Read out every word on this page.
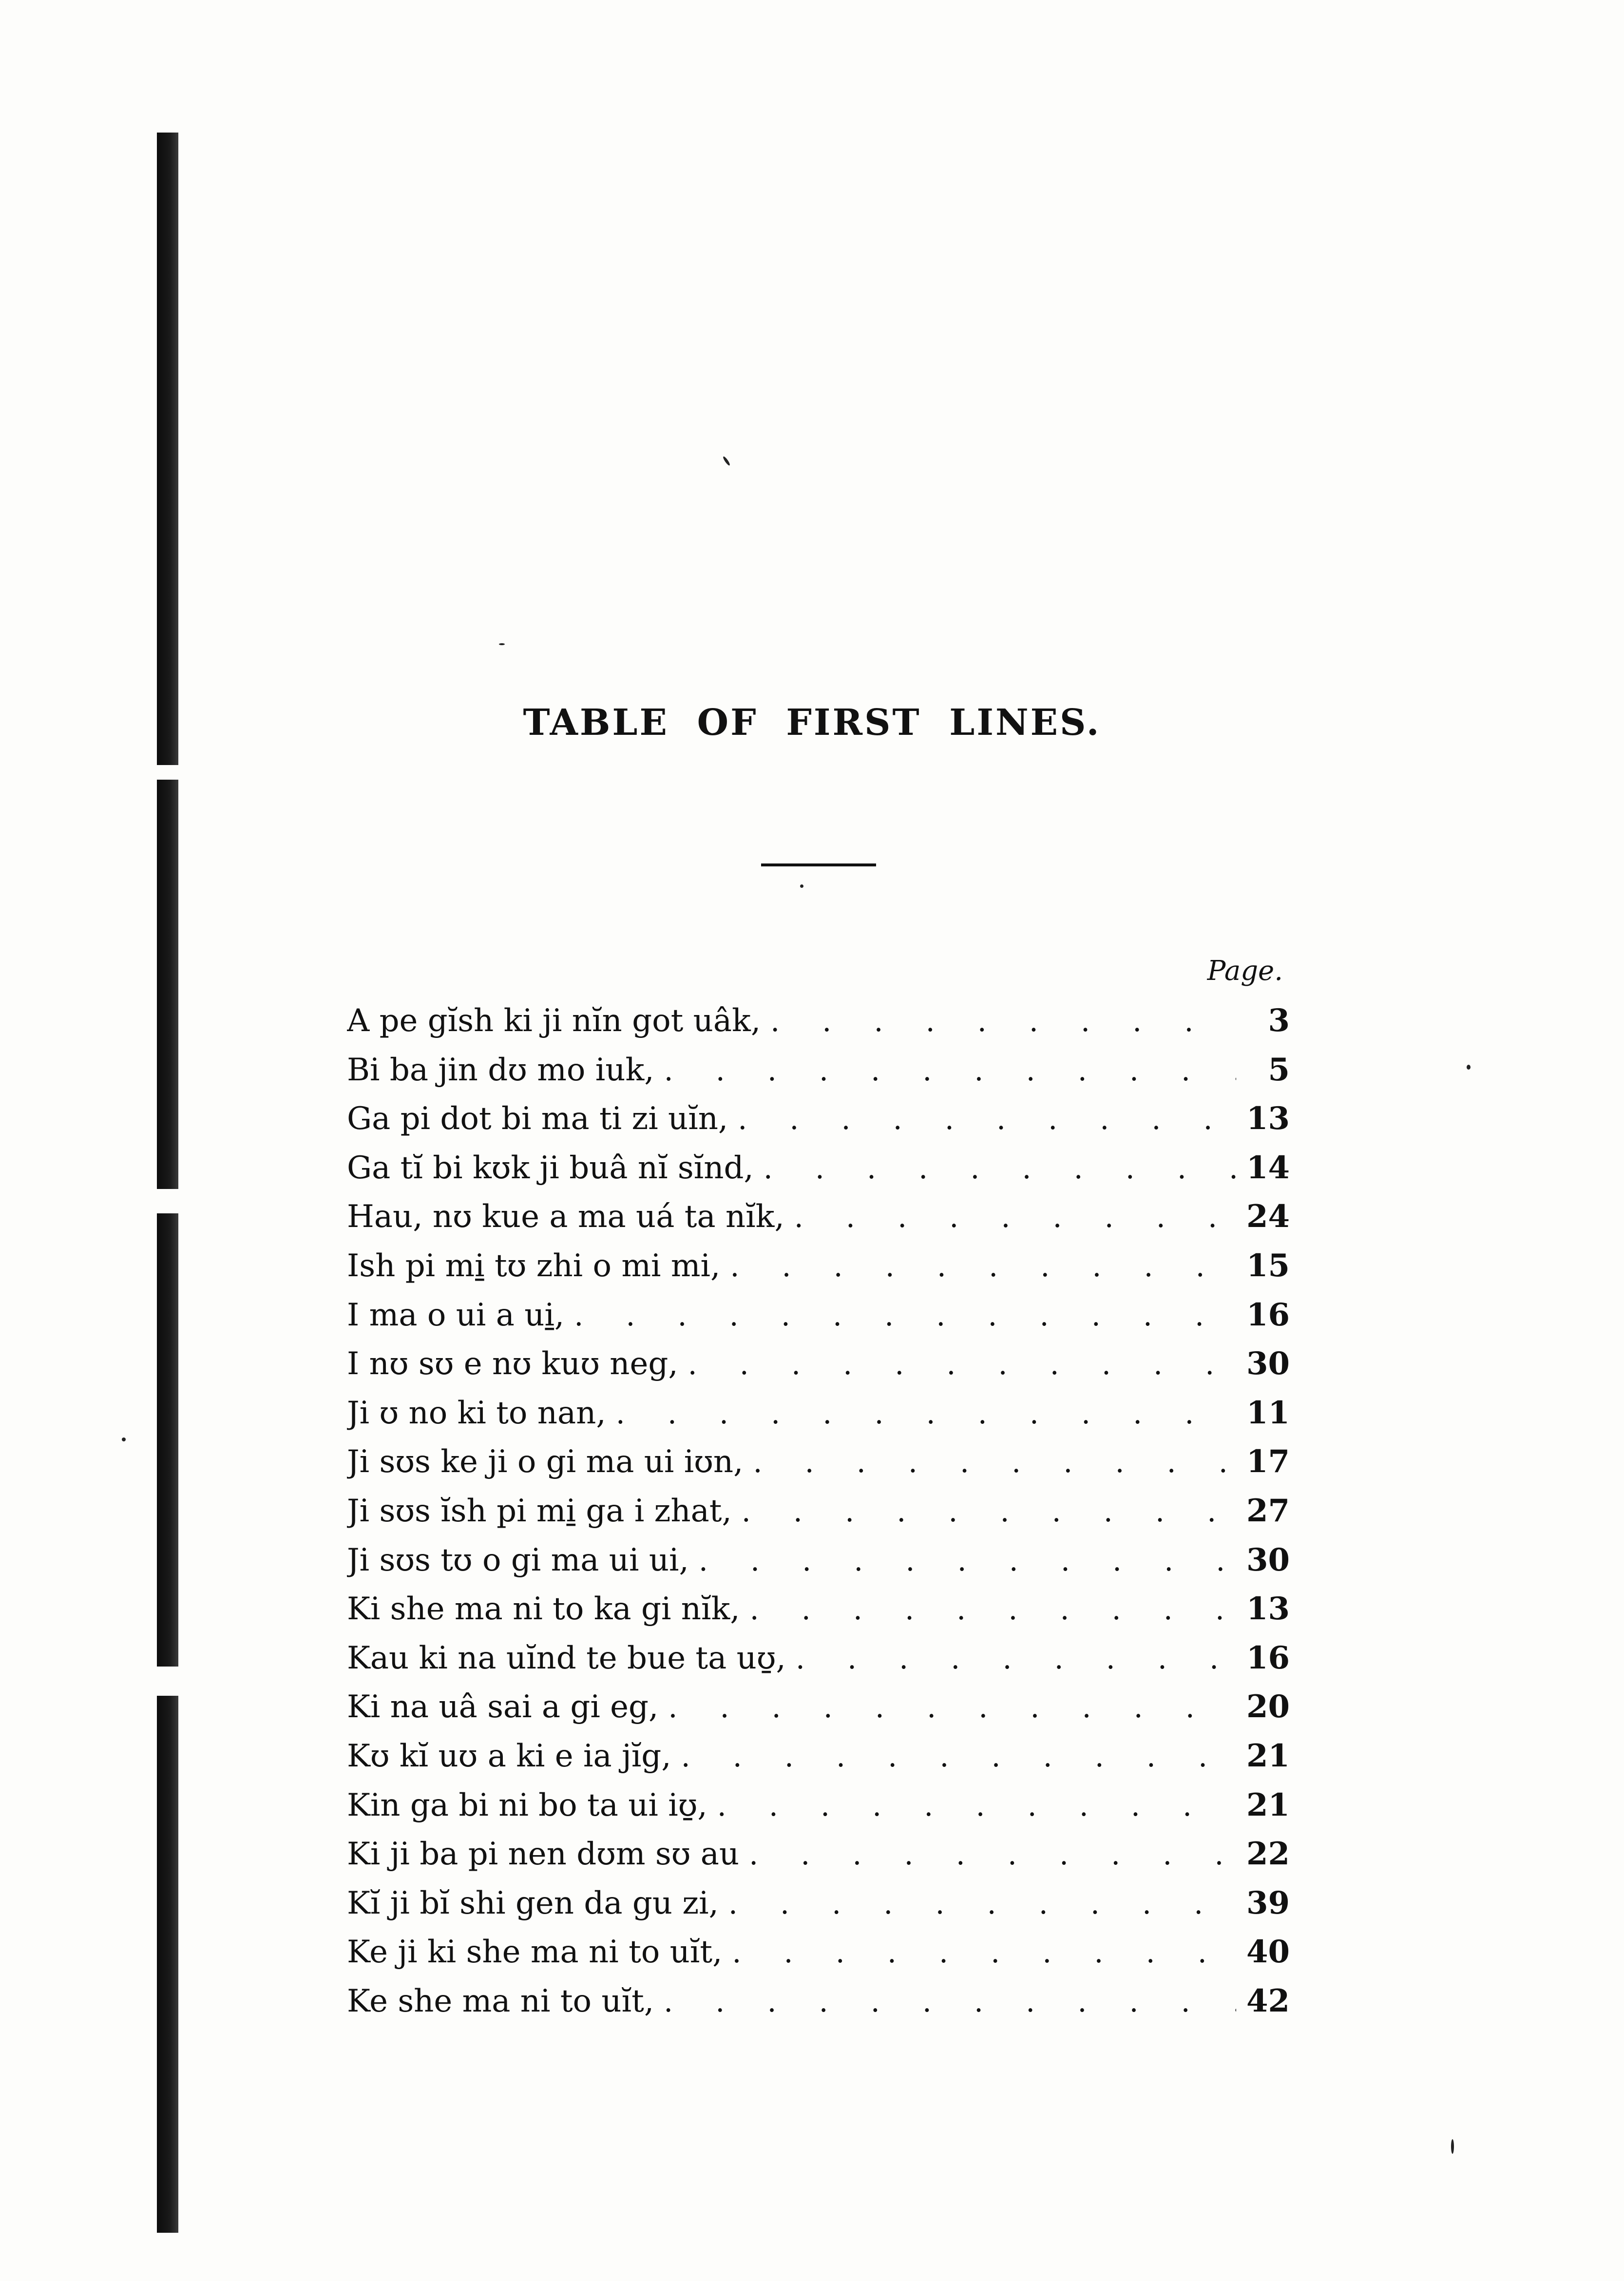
TABLE OF FIRST LINES.
Page.
A pe gĭsh ki ji nĭn got uâk, . . .	3
Bi ba jin dʊ mo iuk, . . .	5
Ga pi dot bi ma ti zi uĭn, . . .	13
Ga tĭ bi kʊk ji buâ nĭ sĭnd, . . .	14
Hau, nʊ kue a ma uá ta nĭk, . . .	24
Ish pi mi̱ tʊ zhi o mi mi, . . .	15
I ma o ui a ui̱, . . .	16
I nʊ sʊ e nʊ kuʊ neg, . . .	30
Ji ʊ no ki to nan, . . .	11
Ji sʊs ke ji o gi ma ui iʊn, . . .	17
Ji sʊs ĭsh pi mi̱ ga i zhat, . . .	27
Ji sʊs tʊ o gi ma ui ui, . . .	30
Ki she ma ni to ka gi nĭk, . . .	13
Kau ki na uĭnd te bue ta uʊ̱, . . .	16
Ki na uâ sai a gi eg, . . .	20
Kʊ kĭ uʊ a ki e ia jĭg, . . .	21
Kin ga bi ni bo ta ui iʊ̱, . . .	21
Ki ji ba pi nen dʊm sʊ au . . .	22
Kĭ ji bĭ shi gen da gu zi, . . .	39
Ke ji ki she ma ni to uĭt, . . .	40
Ke she ma ni to uĭt, . . .	42
